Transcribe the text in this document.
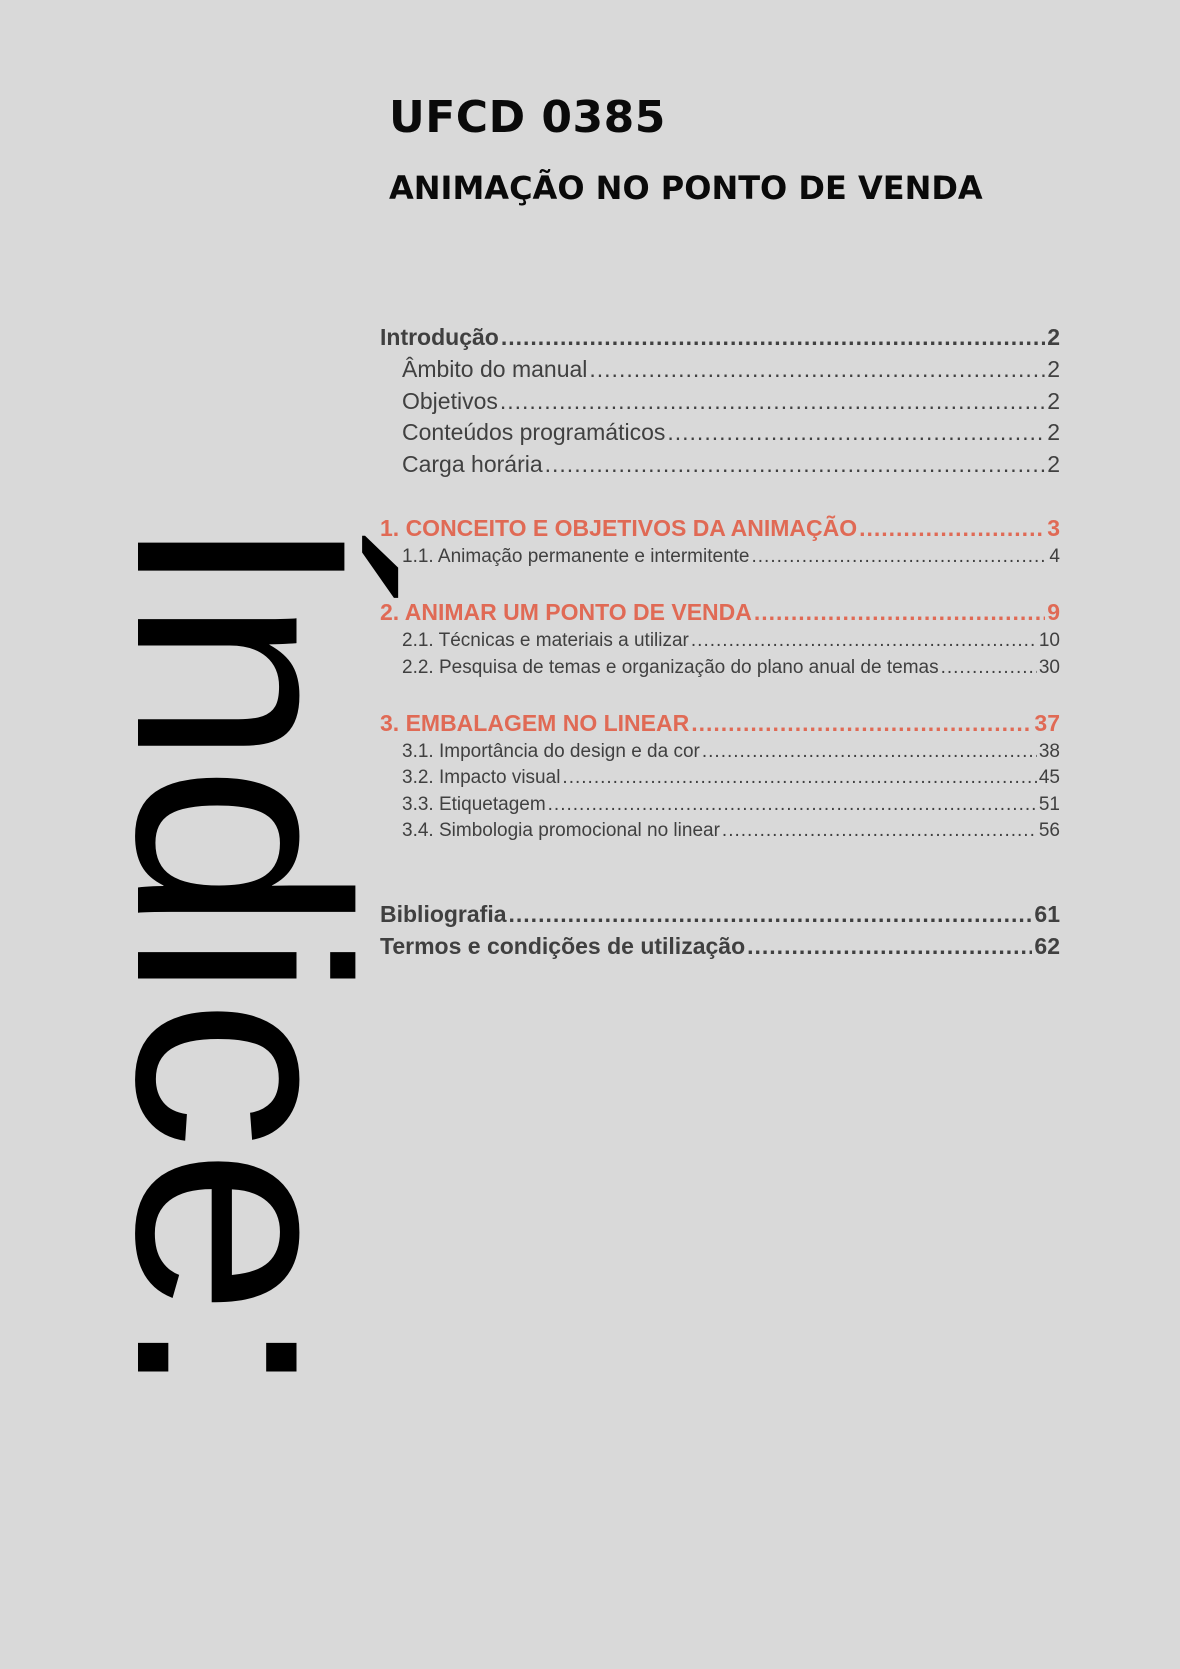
UFCD 0385
ANIMAÇÃO NO PONTO DE VENDA
Índice:
Introdução .....	2
Âmbito do manual .....	2
Objetivos .....	2
Conteúdos programáticos .....	2
Carga horária .....	2
1. CONCEITO E OBJETIVOS DA ANIMAÇÃO .....	3
1.1. Animação permanente e intermitente .....	4
2. ANIMAR UM PONTO DE VENDA .....	9
2.1. Técnicas e materiais a utilizar .....	10
2.2. Pesquisa de temas e organização do plano anual de temas .....	30
3. EMBALAGEM NO LINEAR .....	37
3.1. Importância do design e da cor .....	38
3.2. Impacto visual .....	45
3.3. Etiquetagem .....	51
3.4. Simbologia promocional no linear .....	56
Bibliografia .....	61
Termos e condições de utilização .....	62
